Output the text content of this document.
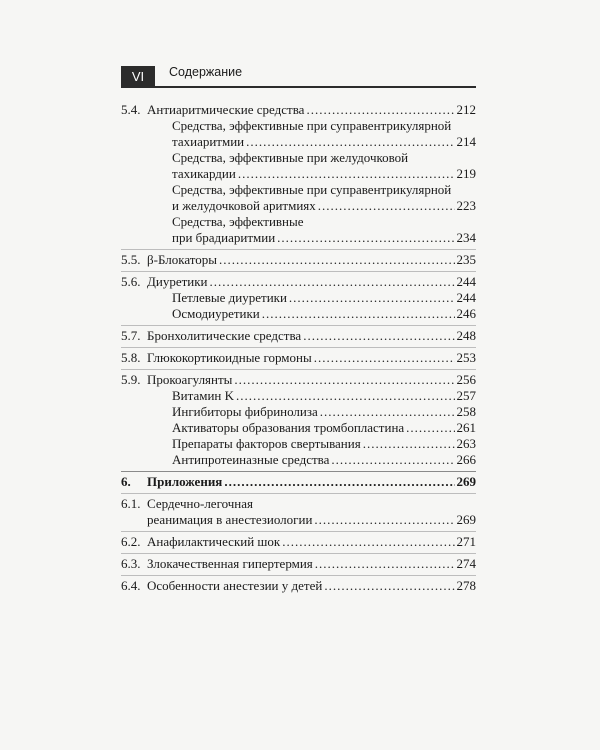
VI	Содержание
5.4. Антиаритмические средства .....	212
Средства, эффективные при суправентрикулярной
тахиаритмии .....	214
Средства, эффективные при желудочковой
тахикардии .....	219
Средства, эффективные при суправентрикулярной
и желудочковой аритмиях .....	223
Средства, эффективные
при брадиаритмии .....	234
5.5. β-Блокаторы .....	235
5.6. Диуретики .....	244
Петлевые диуретики .....	244
Осмодиуретики .....	246
5.7. Бронхолитические средства .....	248
5.8. Глюкокортикоидные гормоны .....	253
5.9. Прокоагулянты .....	256
Витамин K .....	257
Ингибиторы фибринолиза .....	258
Активаторы образования тромбопластина .....	261
Препараты факторов свертывания .....	263
Антипротеиназные средства .....	266
6.	Приложения .....	269
6.1. Сердечно-легочная
реанимация в анестезиологии .....	269
6.2. Анафилактический шок .....	271
6.3. Злокачественная гипертермия .....	274
6.4. Особенности анестезии у детей .....	278
